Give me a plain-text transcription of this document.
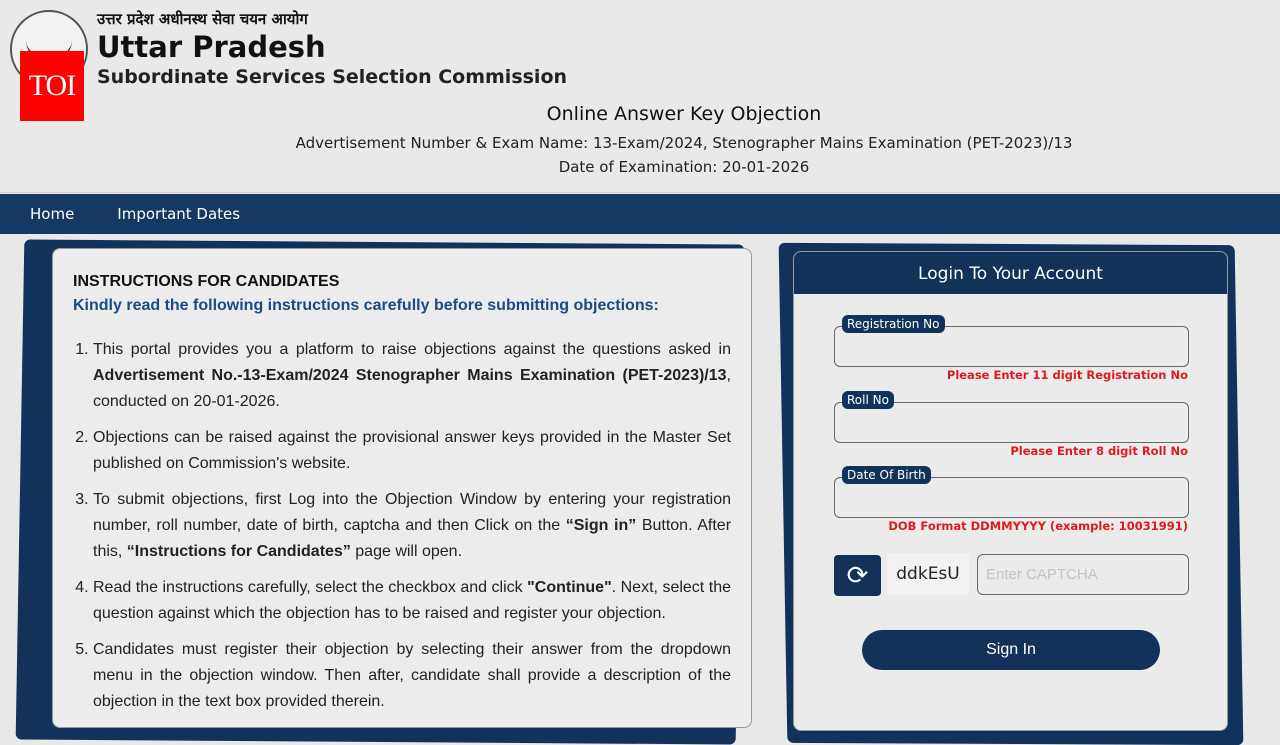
TOI
उत्तर प्रदेश अधीनस्थ सेवा चयन आयोग
Uttar Pradesh
Subordinate Services Selection Commission
Online Answer Key Objection
Advertisement Number & Exam Name: 13-Exam/2024, Stenographer Mains Examination (PET-2023)/13
Date of Examination: 20-01-2026
Home	Important Dates
INSTRUCTIONS FOR CANDIDATES
Kindly read the following instructions carefully before submitting objections:
1. This portal provides you a platform to raise objections against the questions asked in Advertisement No.-13-Exam/2024 Stenographer Mains Examination (PET-2023)/13, conducted on 20-01-2026.
2. Objections can be raised against the provisional answer keys provided in the Master Set published on Commission's website.
3. To submit objections, first Log into the Objection Window by entering your registration number, roll number, date of birth, captcha and then Click on the “Sign in” Button. After this, “Instructions for Candidates” page will open.
4. Read the instructions carefully, select the checkbox and click "Continue". Next, select the question against which the objection has to be raised and register your objection.
5. Candidates must register their objection by selecting their answer from the dropdown menu in the objection window. Then after, candidate shall provide a description of the objection in the text box provided therein.
Login To Your Account
Registration No
Please Enter 11 digit Registration No
Roll No
Please Enter 8 digit Roll No
Date Of Birth
DOB Format DDMMYYYY (example: 10031991)
⟳	ddkEsU
Enter CAPTCHA
Sign In
